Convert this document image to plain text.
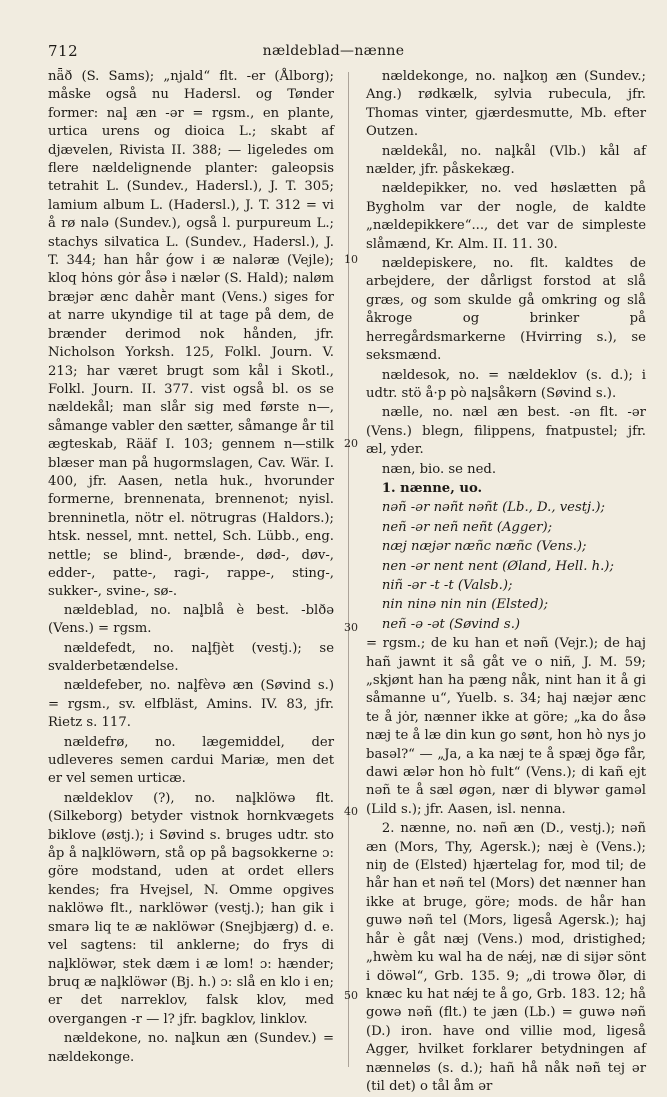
712	nældeblad—nænne
10
20
30
40
50

nǟð (S. Sams); „njald“ flt. -er (Ålborg); måske også nu Hadersl. og Tønder former: nal̥ æn -ər = rgsm., en plante, urtica urens og dioica L.; skabt af djævelen, Rivista II. 388; — ligeledes om flere nældelignende planter: galeopsis tetrahit L. (Sundev., Hadersl.), J. T. 305; lamium album L. (Hadersl.), J. T. 312 = vi å rø nalə (Sundev.), også l. purpureum L.; stachys silvatica L. (Sundev., Hadersl.), J. T. 344; han hår ǵow i æ naləræ (Vejle); kloq hȯns gȯr åsə i nælər (S. Hald); naløm bræjər ænc dahḕr mant (Vens.) siges for at narre ukyndige til at tage på dem, de brænder derimod nok hånden, jfr. Nicholson Yorksh. 125, Folkl. Journ. V. 213; har været brugt som kål i Skotl., Folkl. Journ. II. 377. vist også bl. os se nældekål; man slår sig med første n—, såmange vabler den sætter, såmange år til ægteskab, Rääf I. 103; gennem n—stilk blæser man på hugormslagen, Cav. Wär. I. 400, jfr. Aasen, netla huk., hvorunder formerne, brennenata, brennenot; nyisl. brenninetla, nötr el. nötrugras (Haldors.); htsk. nessel, mnt. nettel, Sch. Lübb., eng. nettle; se blind-, brænde-, død-, døv-, edder-, patte-, ragi-, rappe-, sting-, sukker-, svine-, sø-.

nældeblad, no. nal̥blå è best. -blðə (Vens.) = rgsm.

nældefedt, no. nal̥fjèt (vestj.); se svalderbetændelse.

nældefeber, no. nal̥fèvə æn (Søvind s.) = rgsm., sv. elfbläst, Amins. IV. 83, jfr. Rietz s. 117.

nældefrø, no. lægemiddel, der udleveres semen cardui Mariæ, men det er vel semen urticæ.

nældeklov (?), no. nal̥klöwə flt. (Silkeborg) betyder vistnok hornkvægets biklove (østj.); i Søvind s. bruges udtr. sto åp å nal̥klöwərn, stå op på bagsokkerne ɔ: göre modstand, uden at ordet ellers kendes; fra Hvejsel, N. Omme opgives naklöwə flt., narklöwər (vestj.); han gik i smarə liq te æ naklöwər (Snejbjærg) d. e. vel sagtens: til anklerne; do frys di nal̥klöwər, stek dæm i æ lom! ɔ: hænder; bruq æ nal̥klöwər (Bj. h.) ɔ: slå en klo i en; er det narreklov, falsk klov, med overgangen -r — l? jfr. bagklov, linklov.

nældekone, no. nal̥kun æn (Sundev.) = nældekonge.

nældekonge, no. nal̥koŋ æn (Sundev.; Ang.) rødkælk, sylvia rubecula, jfr. Thomas vinter, gjærdesmutte, Mb. efter Outzen.

nældekål, no. nal̥kål (Vlb.) kål af nælder, jfr. påskekæg.

nældepikker, no. ved høslætten på Bygholm var der nogle, de kaldte „nældepikkere“..., det var de simpleste slåmænd, Kr. Alm. II. 11. 30.

nældepiskere, no. flt. kaldtes de arbejdere, der dårligst forstod at slå græs, og som skulde gå omkring og slå åkroge og brinker på herregårdsmarkerne (Hvirring s.), se seksmænd.

nældesok, no. = nældeklov (s. d.); i udtr. stö å·p pò nal̥såkərn (Søvind s.).

nælle, no. næl æn best. -ən flt. -ər (Vens.) blegn, filippens, fnatpustel; jfr. æl, yder.

næn, bio. se ned.

1. nænne, uo.

nəñ -ər nəñt nəñt (Lb., D., vestj.);

neñ -ər neñ neñt (Agger);

næj næjər næñc næñc (Vens.);

nen -ər nent nent (Øland, Hell. h.);

niñ -ər -t -t (Valsb.);

nin ninə nin nin (Elsted);

neñ -ə -ət (Søvind s.)

= rgsm.; de ku han et nəñ (Vejr.); de haj hañ jawnt it så gåt ve o niñ, J. M. 59; „skjønt han ha pæng nåk, nint han it å gi såmanne u“, Yuelb. s. 34; haj næjər ænc te å jȯr, nænner ikke at göre; „ka do åsə næj te å læ din kun go sønt, hon hò nys jo basəl?“ — „Ja, a ka næj te å spæj ðgə får, dawi ælər hon hò fult“ (Vens.); di kañ ejt nəñ te å sæl øgən, nær di blywər gaməl (Lild s.); jfr. Aasen, isl. nenna.

2. nænne, no. nəñ æn (D., vestj.); nəñ æn (Mors, Thy, Agersk.); næj è (Vens.); niŋ de (Elsted) hjærtelag for, mod til; de hår han et nəñ tel (Mors) det nænner han ikke at bruge, göre; mods. de hår han guwə nəñ tel (Mors, ligeså Agersk.); haj hår è gåt næj (Vens.) mod, dristighed; „hwèm ku wal ha de nǽj, næ di sijər sönt i döwəl“, Grb. 135. 9; „di trowə ðlər, di knæc ku hat nǽj te å go, Grb. 183. 12; hå gowə nəñ (flt.) te jæn (Lb.) = guwə nəñ (D.) iron. have ond villie mod, ligeså Agger, hvilket forklarer betydningen af nænneløs (s. d.); hañ hå nåk nəñ tej ər (til det) o tål åm ər
